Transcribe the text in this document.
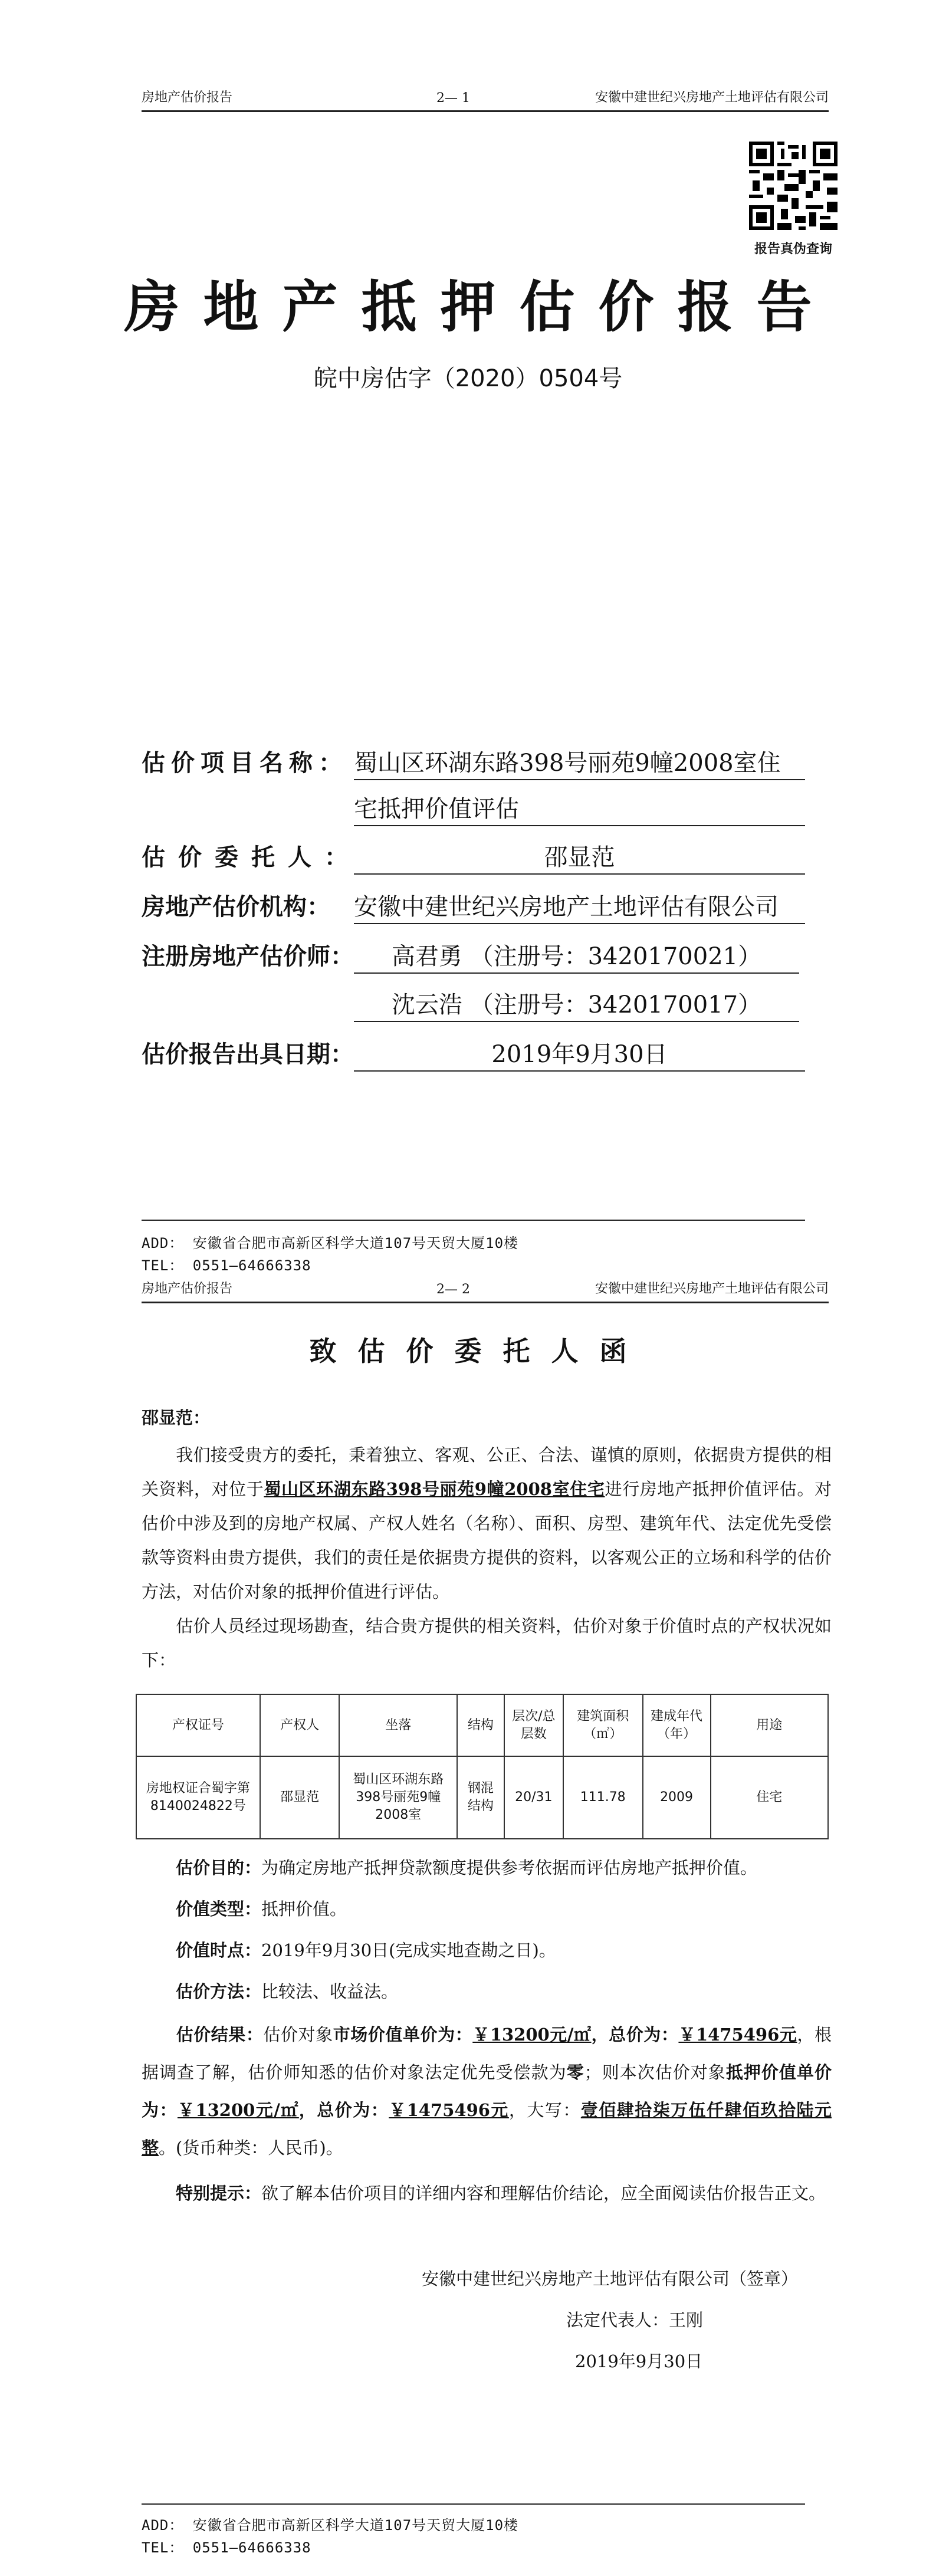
房地产估价报告	2— 1	安徽中建世纪兴房地产土地评估有限公司
报告真伪查询
房地产抵押估价报告
皖中房估字（2020）0504号
估价项目名称： 蜀山区环湖东路398号丽苑9幢2008室住
宅抵押价值评估
估价委托人：	邵显范
房地产估价机构： 安徽中建世纪兴房地产土地评估有限公司
注册房地产估价师：	高君勇 （注册号：3420170021）
沈云浩 （注册号：3420170017）
估价报告出具日期：	2019年9月30日
ADD： 安徽省合肥市高新区科学大道107号天贸大厦10楼
TEL： 0551—64666338
房地产估价报告	2— 2	安徽中建世纪兴房地产土地评估有限公司
致估价委托人函
邵显范：
我们接受贵方的委托，秉着独立、客观、公正、合法、谨慎的原则，依据贵方提供的相关资料，对位于蜀山区环湖东路398号丽苑9幢2008室住宅进行房地产抵押价值评估。对估价中涉及到的房地产权属、产权人姓名（名称）、面积、房型、建筑年代、法定优先受偿款等资料由贵方提供，我们的责任是依据贵方提供的资料，以客观公正的立场和科学的估价方法，对估价对象的抵押价值进行评估。
估价人员经过现场勘查，结合贵方提供的相关资料，估价对象于价值时点的产权状况如下：
产权证号	产权人	坐落	结构	层次/总层数	建筑面积（㎡）	建成年代（年）	用途
房地权证合蜀字第8140024822号	邵显范	蜀山区环湖东路398号丽苑9幢2008室	钢混结构	20/31	111.78	2009	住宅
估价目的：为确定房地产抵押贷款额度提供参考依据而评估房地产抵押价值。
价值类型：抵押价值。
价值时点：2019年9月30日(完成实地查勘之日)。
估价方法：比较法、收益法。
估价结果：估价对象市场价值单价为：￥13200元/㎡，总价为：￥1475496元，根据调查了解，估价师知悉的估价对象法定优先受偿款为零；则本次估价对象抵押价值单价为：￥13200元/㎡，总价为：￥1475496元，大写：壹佰肆拾柒万伍仟肆佰玖拾陆元整。(货币种类：人民币)。
特别提示：欲了解本估价项目的详细内容和理解估价结论，应全面阅读估价报告正文。
安徽中建世纪兴房地产土地评估有限公司（签章）
法定代表人：王刚
2019年9月30日
ADD： 安徽省合肥市高新区科学大道107号天贸大厦10楼
TEL： 0551—64666338
